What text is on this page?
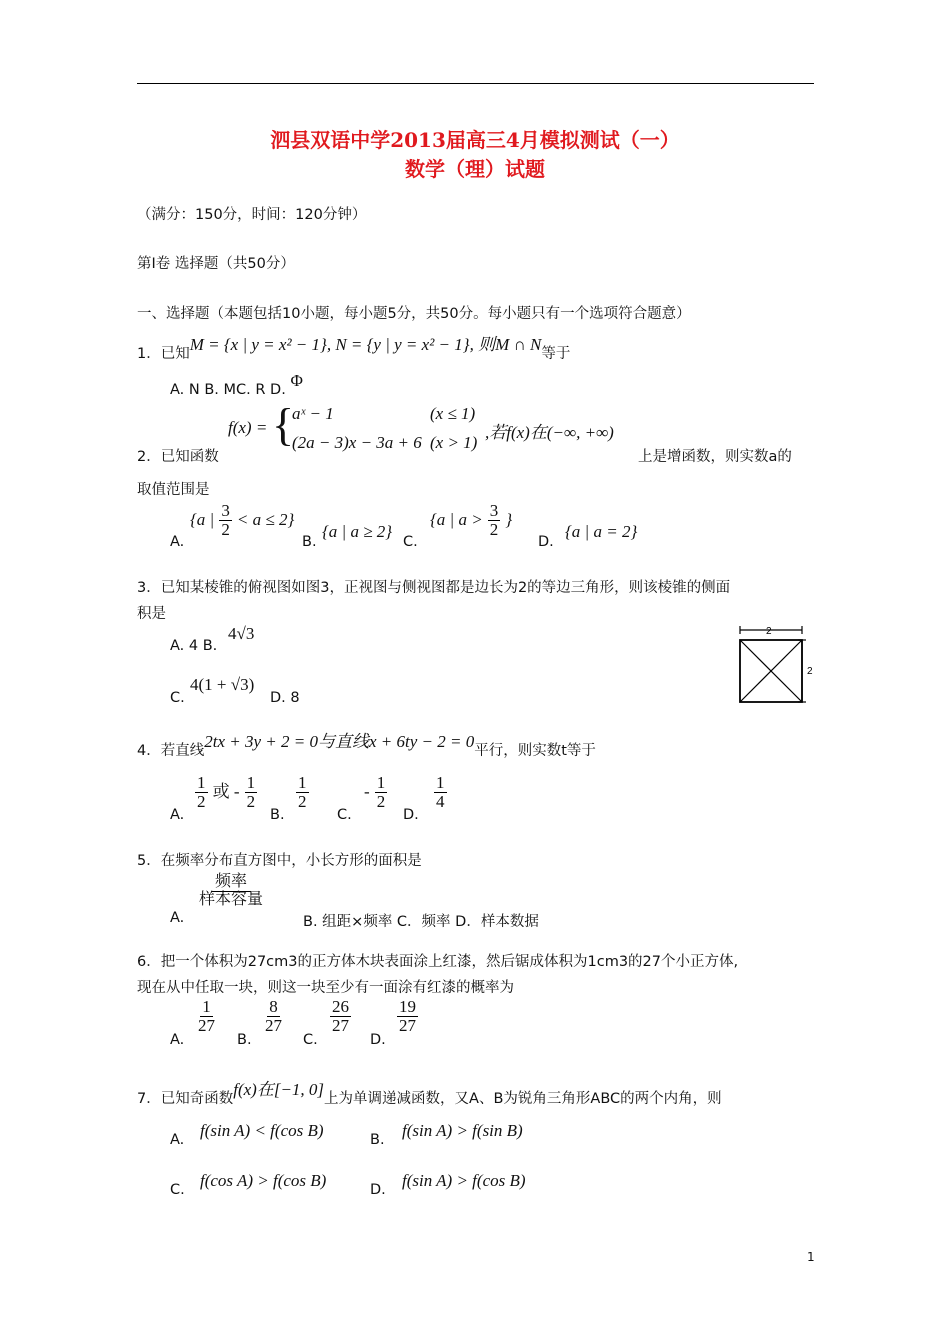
泗县双语中学2013届高三4月模拟测试（一）
数学（理）试题
（满分：150分，时间：120分钟）
第Ⅰ卷 选择题（共50分）
一、选择题（本题包括10小题，每小题5分，共50分。每小题只有一个选项符合题意）
1．已知M = {x | y = x² − 1}, N = {y | y = x² − 1}, 则M ∩ N等于
A. N B. MC. R D. Φ
f(x) = {
aˣ − 1	(x ≤ 1)
(2a − 3)x − 3a + 6 (x > 1)
,若f(x)在(−∞, +∞)
2．已知函数	上是增函数，则实数a的
取值范围是
A.
{a | $\frac{3}{2} < a \le 2$}
B.
{a | a ≥ 2}
C.
{a | $a > \frac{3}{2}$ }
D.
{a | a = 2}
3．已知某棱锥的俯视图如图3，正视图与侧视图都是边长为2的等边三角形，则该棱锥的侧面
积是
A. 4 B.
4√3
C.
4(1 + √3)
D. 8
2
2
4．若直线2tx + 3y + 2 = 0与直线x + 6ty − 2 = 0平行，则实数t等于
A.
$\frac{1}{2}$ 或 - $\frac{1}{2}$
B.
$\frac{1}{2}$
C.
- $\frac{1}{2}$
D.
$\frac{1}{4}$
5．在频率分布直方图中，小长方形的面积是
A.
$\frac{\text{频率}}{\text{样本容量}}$
B. 组距×频率 C．频率 D．样本数据
6．把一个体积为27cm3的正方体木块表面涂上红漆，然后锯成体积为1cm3的27个小正方体,
现在从中任取一块，则这一块至少有一面涂有红漆的概率为
A.
$\frac{1}{27}$
B.
$\frac{8}{27}$
C.
$\frac{26}{27}$
D.
$\frac{19}{27}$
7．已知奇函数f(x)在[−1, 0]上为单调递减函数，又A、B为锐角三角形ABC的两个内角，则
A. f(sin A) < f(cos B)	B. f(sin A) > f(sin B)
C. f(cos A) > f(cos B)	D. f(sin A) > f(cos B)
1
